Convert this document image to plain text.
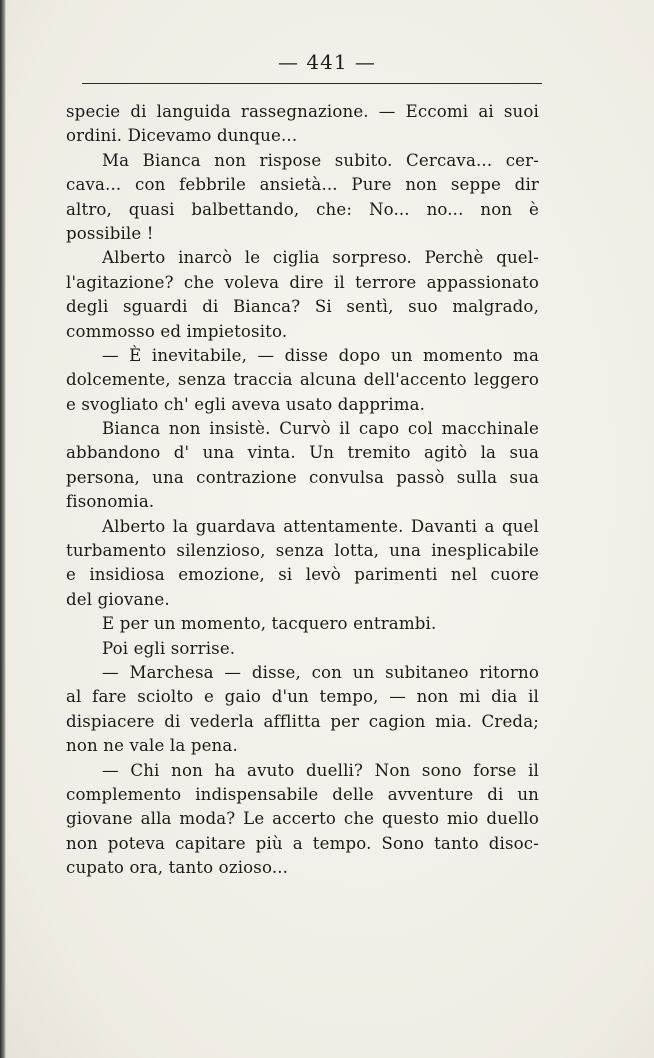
— 441 —
specie di languida rassegnazione. — Eccomi ai suoi
ordini. Dicevamo dunque...
Ma Bianca non rispose subito. Cercava... cer-
cava... con febbrile ansietà... Pure non seppe dir
altro, quasi balbettando, che: No... no... non è
possibile !
Alberto inarcò le ciglia sorpreso. Perchè quel-
l'agitazione? che voleva dire il terrore appassionato
degli sguardi di Bianca? Si sentì, suo malgrado,
commosso ed impietosito.
— È inevitabile, — disse dopo un momento ma
dolcemente, senza traccia alcuna dell'accento leggero
e svogliato ch' egli aveva usato dapprima.
Bianca non insistè. Curvò il capo col macchinale
abbandono d' una vinta. Un tremito agitò la sua
persona, una contrazione convulsa passò sulla sua
fisonomia.
Alberto la guardava attentamente. Davanti a quel
turbamento silenzioso, senza lotta, una inesplicabile
e insidiosa emozione, si levò parimenti nel cuore
del giovane.
E per un momento, tacquero entrambi.
Poi egli sorrise.
— Marchesa — disse, con un subitaneo ritorno
al fare sciolto e gaio d'un tempo, — non mi dia il
dispiacere di vederla afflitta per cagion mia. Creda;
non ne vale la pena.
— Chi non ha avuto duelli? Non sono forse il
complemento indispensabile delle avventure di un
giovane alla moda? Le accerto che questo mio duello
non poteva capitare più a tempo. Sono tanto disoc-
cupato ora, tanto ozioso...
